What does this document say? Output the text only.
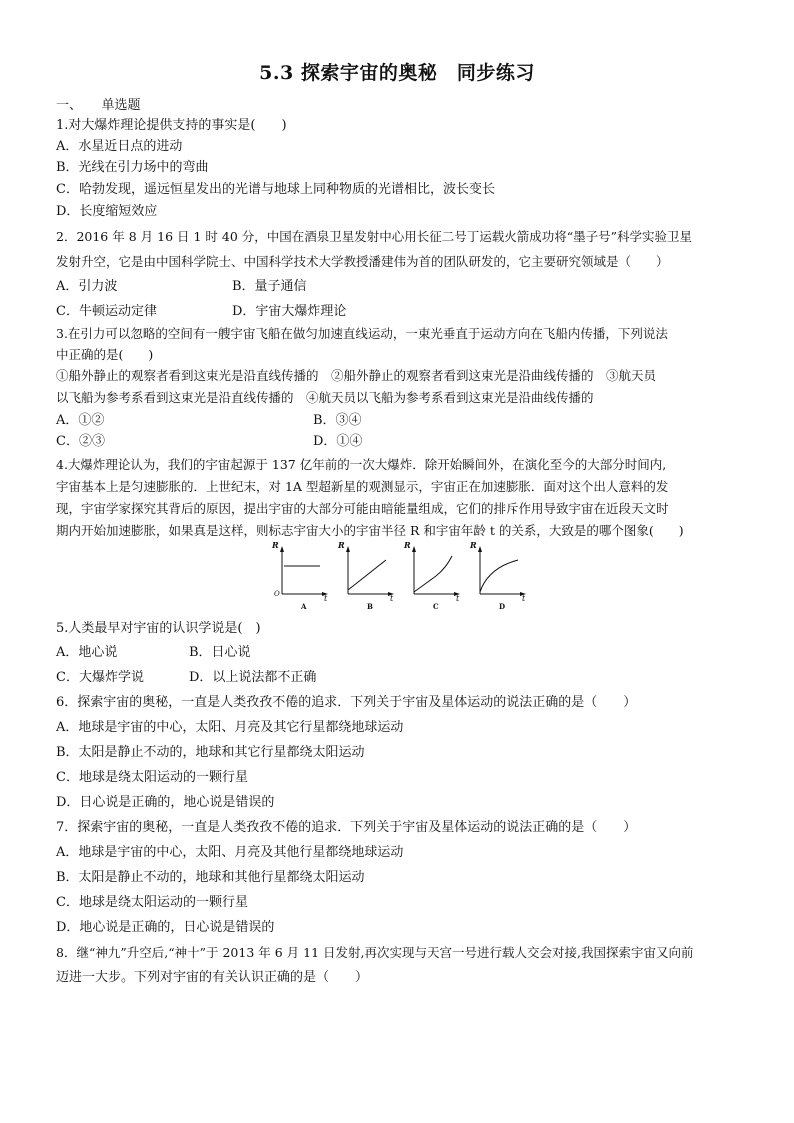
5.3 探索宇宙的奥秘　同步练习
一、　　单选题
1.对大爆炸理论提供支持的事实是(　　)
A．水星近日点的进动
B．光线在引力场中的弯曲
C．哈勃发现，遥远恒星发出的光谱与地球上同种物质的光谱相比，波长变长
D．长度缩短效应
2．2016 年 8 月 16 日 1 时 40 分，中国在酒泉卫星发射中心用长征二号丁运载火箭成功将“墨子号”科学实验卫星
发射升空，它是由中国科学院士、中国科学技术大学教授潘建伟为首的团队研发的，它主要研究领域是（　　）
A．引力波	B．量子通信
C．牛顿运动定律	D．宇宙大爆炸理论
3.在引力可以忽略的空间有一艘宇宙飞船在做匀加速直线运动，一束光垂直于运动方向在飞船内传播，下列说法
中正确的是(　　)
①船外静止的观察者看到这束光是沿直线传播的　②船外静止的观察者看到这束光是沿曲线传播的　③航天员
以飞船为参考系看到这束光是沿直线传播的　④航天员以飞船为参考系看到这束光是沿曲线传播的
A．①②	B．③④
C．②③	D．①④
4.大爆炸理论认为，我们的宇宙起源于 137 亿年前的一次大爆炸．除开始瞬间外，在演化至今的大部分时间内,
宇宙基本上是匀速膨胀的．上世纪末，对 1A 型超新星的观测显示，宇宙正在加速膨胀．面对这个出人意料的发
现，宇宙学家探究其背后的原因，提出宇宙的大部分可能由暗能量组成，它们的排斥作用导致宇宙在近段天文时
期内开始加速膨胀，如果真是这样，则标志宇宙大小的宇宙半径 R 和宇宙年龄 t 的关系，大致是的哪个图象(　　)
R
t
A
R
t
B
R
t
C
R
t
D
O
5.人类最早对宇宙的认识学说是(　)
A．地心说	B．日心说
C．大爆炸学说	D．以上说法都不正确
6．探索宇宙的奥秘，一直是人类孜孜不倦的追求．下列关于宇宙及星体运动的说法正确的是（　　）
A．地球是宇宙的中心，太阳、月亮及其它行星都绕地球运动
B．太阳是静止不动的，地球和其它行星都绕太阳运动
C．地球是绕太阳运动的一颗行星
D．日心说是正确的，地心说是错误的
7．探索宇宙的奥秘，一直是人类孜孜不倦的追求．下列关于宇宙及星体运动的说法正确的是（　　）
A．地球是宇宙的中心，太阳、月亮及其他行星都绕地球运动
B．太阳是静止不动的，地球和其他行星都绕太阳运动
C．地球是绕太阳运动的一颗行星
D．地心说是正确的，日心说是错误的
8．继“神九”升空后,“神十”于 2013 年 6 月 11 日发射,再次实现与天宫一号进行载人交会对接,我国探索宇宙又向前
迈进一大步。下列对宇宙的有关认识正确的是（　　）
